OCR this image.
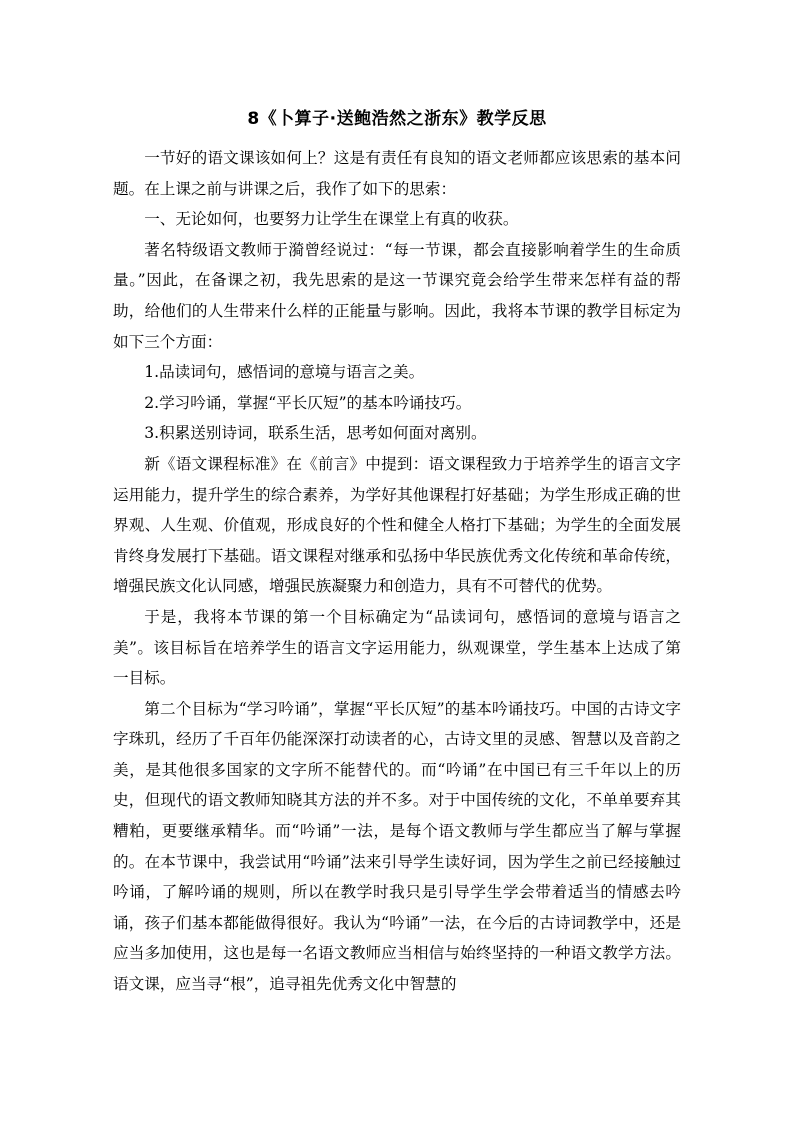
8《卜算子·送鲍浩然之浙东》教学反思

一节好的语文课该如何上？这是有责任有良知的语文老师都应该思索的基本问题。在上课之前与讲课之后，我作了如下的思索：

一、无论如何，也要努力让学生在课堂上有真的收获。

著名特级语文教师于漪曾经说过：“每一节课，都会直接影响着学生的生命质量。”因此，在备课之初，我先思索的是这一节课究竟会给学生带来怎样有益的帮助，给他们的人生带来什么样的正能量与影响。因此，我将本节课的教学目标定为如下三个方面：

1.品读词句，感悟词的意境与语言之美。

2.学习吟诵，掌握“平长仄短”的基本吟诵技巧。

3.积累送别诗词，联系生活，思考如何面对离别。

新《语文课程标准》在《前言》中提到：语文课程致力于培养学生的语言文字运用能力，提升学生的综合素养，为学好其他课程打好基础；为学生形成正确的世界观、人生观、价值观，形成良好的个性和健全人格打下基础；为学生的全面发展肯终身发展打下基础。语文课程对继承和弘扬中华民族优秀文化传统和革命传统，增强民族文化认同感，增强民族凝聚力和创造力，具有不可替代的优势。

于是，我将本节课的第一个目标确定为“品读词句，感悟词的意境与语言之美”。该目标旨在培养学生的语言文字运用能力，纵观课堂，学生基本上达成了第一目标。

第二个目标为“学习吟诵”，掌握“平长仄短”的基本吟诵技巧。中国的古诗文字字珠玑，经历了千百年仍能深深打动读者的心，古诗文里的灵感、智慧以及音韵之美，是其他很多国家的文字所不能替代的。而“吟诵”在中国已有三千年以上的历史，但现代的语文教师知晓其方法的并不多。对于中国传统的文化，不单单要弃其糟粕，更要继承精华。而“吟诵”一法，是每个语文教师与学生都应当了解与掌握的。在本节课中，我尝试用“吟诵”法来引导学生读好词，因为学生之前已经接触过吟诵，了解吟诵的规则，所以在教学时我只是引导学生学会带着适当的情感去吟诵，孩子们基本都能做得很好。我认为“吟诵”一法，在今后的古诗词教学中，还是应当多加使用，这也是每一名语文教师应当相信与始终坚持的一种语文教学方法。语文课，应当寻“根”，追寻祖先优秀文化中智慧的
